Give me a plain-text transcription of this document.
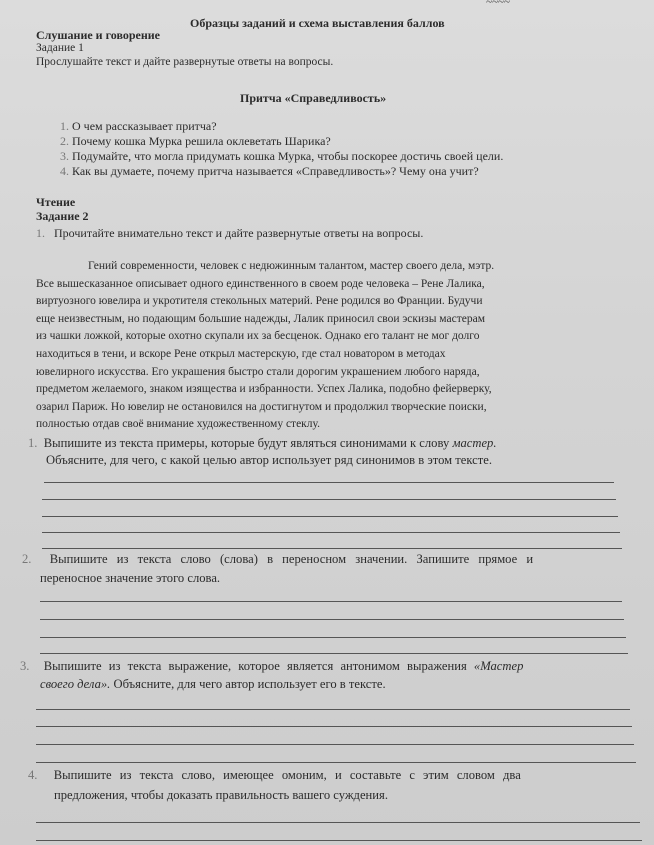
~~~~
Образцы заданий и схема выставления баллов
Слушание и говорение
Задание 1
Прослушайте текст и дайте развернутые ответы на вопросы.
Притча «Справедливость»
1. О чем рассказывает притча?
2. Почему кошка Мурка решила оклеветать Шарика?
3. Подумайте, что могла придумать кошка Мурка, чтобы поскорее достичь своей цели.
4. Как вы думаете, почему притча называется «Справедливость»? Чему она учит?
Чтение
Задание 2
1. Прочитайте внимательно текст и дайте развернутые ответы на вопросы.
Гений современности, человек с недюжинным талантом, мастер своего дела, мэтр.
Все вышесказанное описывает одного единственного в своем роде человека – Рене Лалика,
виртуозного ювелира и укротителя стекольных материй. Рене родился во Франции. Будучи
еще неизвестным, но подающим большие надежды, Лалик приносил свои эскизы мастерам
из чашки ложкой, которые охотно скупали их за бесценок. Однако его талант не мог долго
находиться в тени, и вскоре Рене открыл мастерскую, где стал новатором в методах
ювелирного искусства. Его украшения быстро стали дорогим украшением любого наряда,
предметом желаемого, знаком изящества и избранности. Успех Лалика, подобно фейерверку,
озарил Париж. Но ювелир не остановился на достигнутом и продолжил творческие поиски,
полностью отдав своё внимание художественному стеклу.
1. Выпишите из текста примеры, которые будут являться синонимами к слову мастер.
Объясните, для чего, с какой целью автор использует ряд синонимов в этом тексте.
2. Выпишите из текста слово (слова) в переносном значении. Запишите прямое и
переносное значение этого слова.
3. Выпишите из текста выражение, которое является антонимом выражения «Мастер
своего дела». Объясните, для чего автор использует его в тексте.
4. Выпишите из текста слово, имеющее омоним, и составьте с этим словом два
предложения, чтобы доказать правильность вашего суждения.
